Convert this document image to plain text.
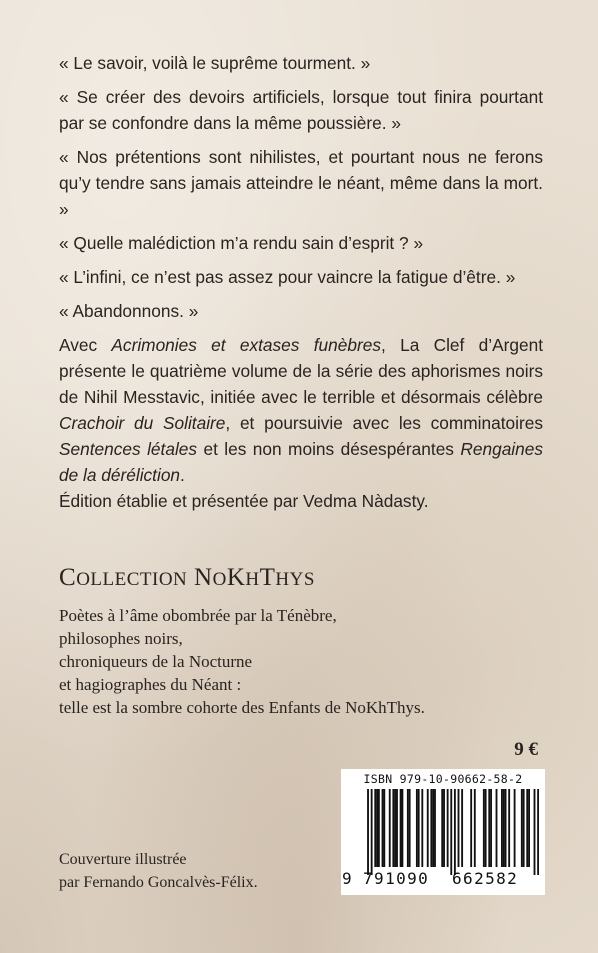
« Le savoir, voilà le suprême tourment. »

« Se créer des devoirs artificiels, lorsque tout finira pourtant par se confondre dans la même poussière. »

« Nos prétentions sont nihilistes, et pourtant nous ne ferons qu’y tendre sans jamais atteindre le néant, même dans la mort. »

« Quelle malédiction m’a rendu sain d’esprit ? »

« L’infini, ce n’est pas assez pour vaincre la fatigue d’être. »

« Abandonnons. »

Avec Acrimonies et extases funèbres, La Clef d’Argent présente le quatrième volume de la série des aphorismes noirs de Nihil Messtavic, initiée avec le terrible et désormais célèbre Crachoir du Solitaire, et poursuivie avec les comminatoires Sentences létales et les non moins désespérantes Rengaines de la déréliction.

Édition établie et présentée par Vedma Nàdasty.

COLLECTION NOKHTHYS
Poètes à l’âme obombrée par la Ténèbre,
philosophes noirs,
chroniqueurs de la Nocturne
et hagiographes du Néant :
telle est la sombre cohorte des Enfants de NoKhThys.
9 €
ISBN 979-10-90662-58-2
9 791090 662582
Couverture illustrée
par Fernando Goncalvès-Félix.
